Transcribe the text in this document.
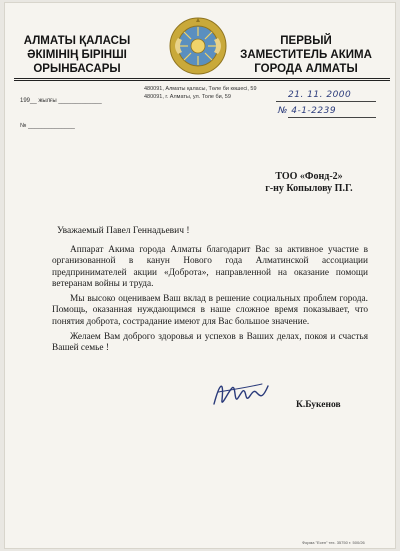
АЛМАТЫ ҚАЛАСЫ
ӘКІМІНІҢ БІРІНШІ
ОРЫНБАСАРЫ
ПЕРВЫЙ
ЗАМЕСТИТЕЛЬ АКИМА
ГОРОДА АЛМАТЫ
480091, Алматы қаласы, Төле би көшесі, 59
480091, г. Алматы, ул. Толе би, 59
199__ жылғы _____________
№ ______________
21. 11. 2000
№ 4-1-2239
ТОО «Фонд-2»
г-ну Копылову П.Г.
Уважаемый Павел Геннадьевич !

Аппарат Акима города Алматы благодарит Вас за активное участие в организованной в канун Нового года Алматинской ассоциации предпринимателей акции «Доброта», направленной на оказание помощи ветеранам войны и труда.

Мы высоко оцениваем Ваш вклад в решение социальных проблем города. Помощь, оказанная нуждающимся в наше сложное время показывает, что понятия доброта, сострадание имеют для Вас большое значение.

Желаем Вам доброго здоровья и успехов в Ваших делах, покоя и счастья Вашей семье !

К.Букенов
Форма "Есеп" тех. 35750 т. 500/26
